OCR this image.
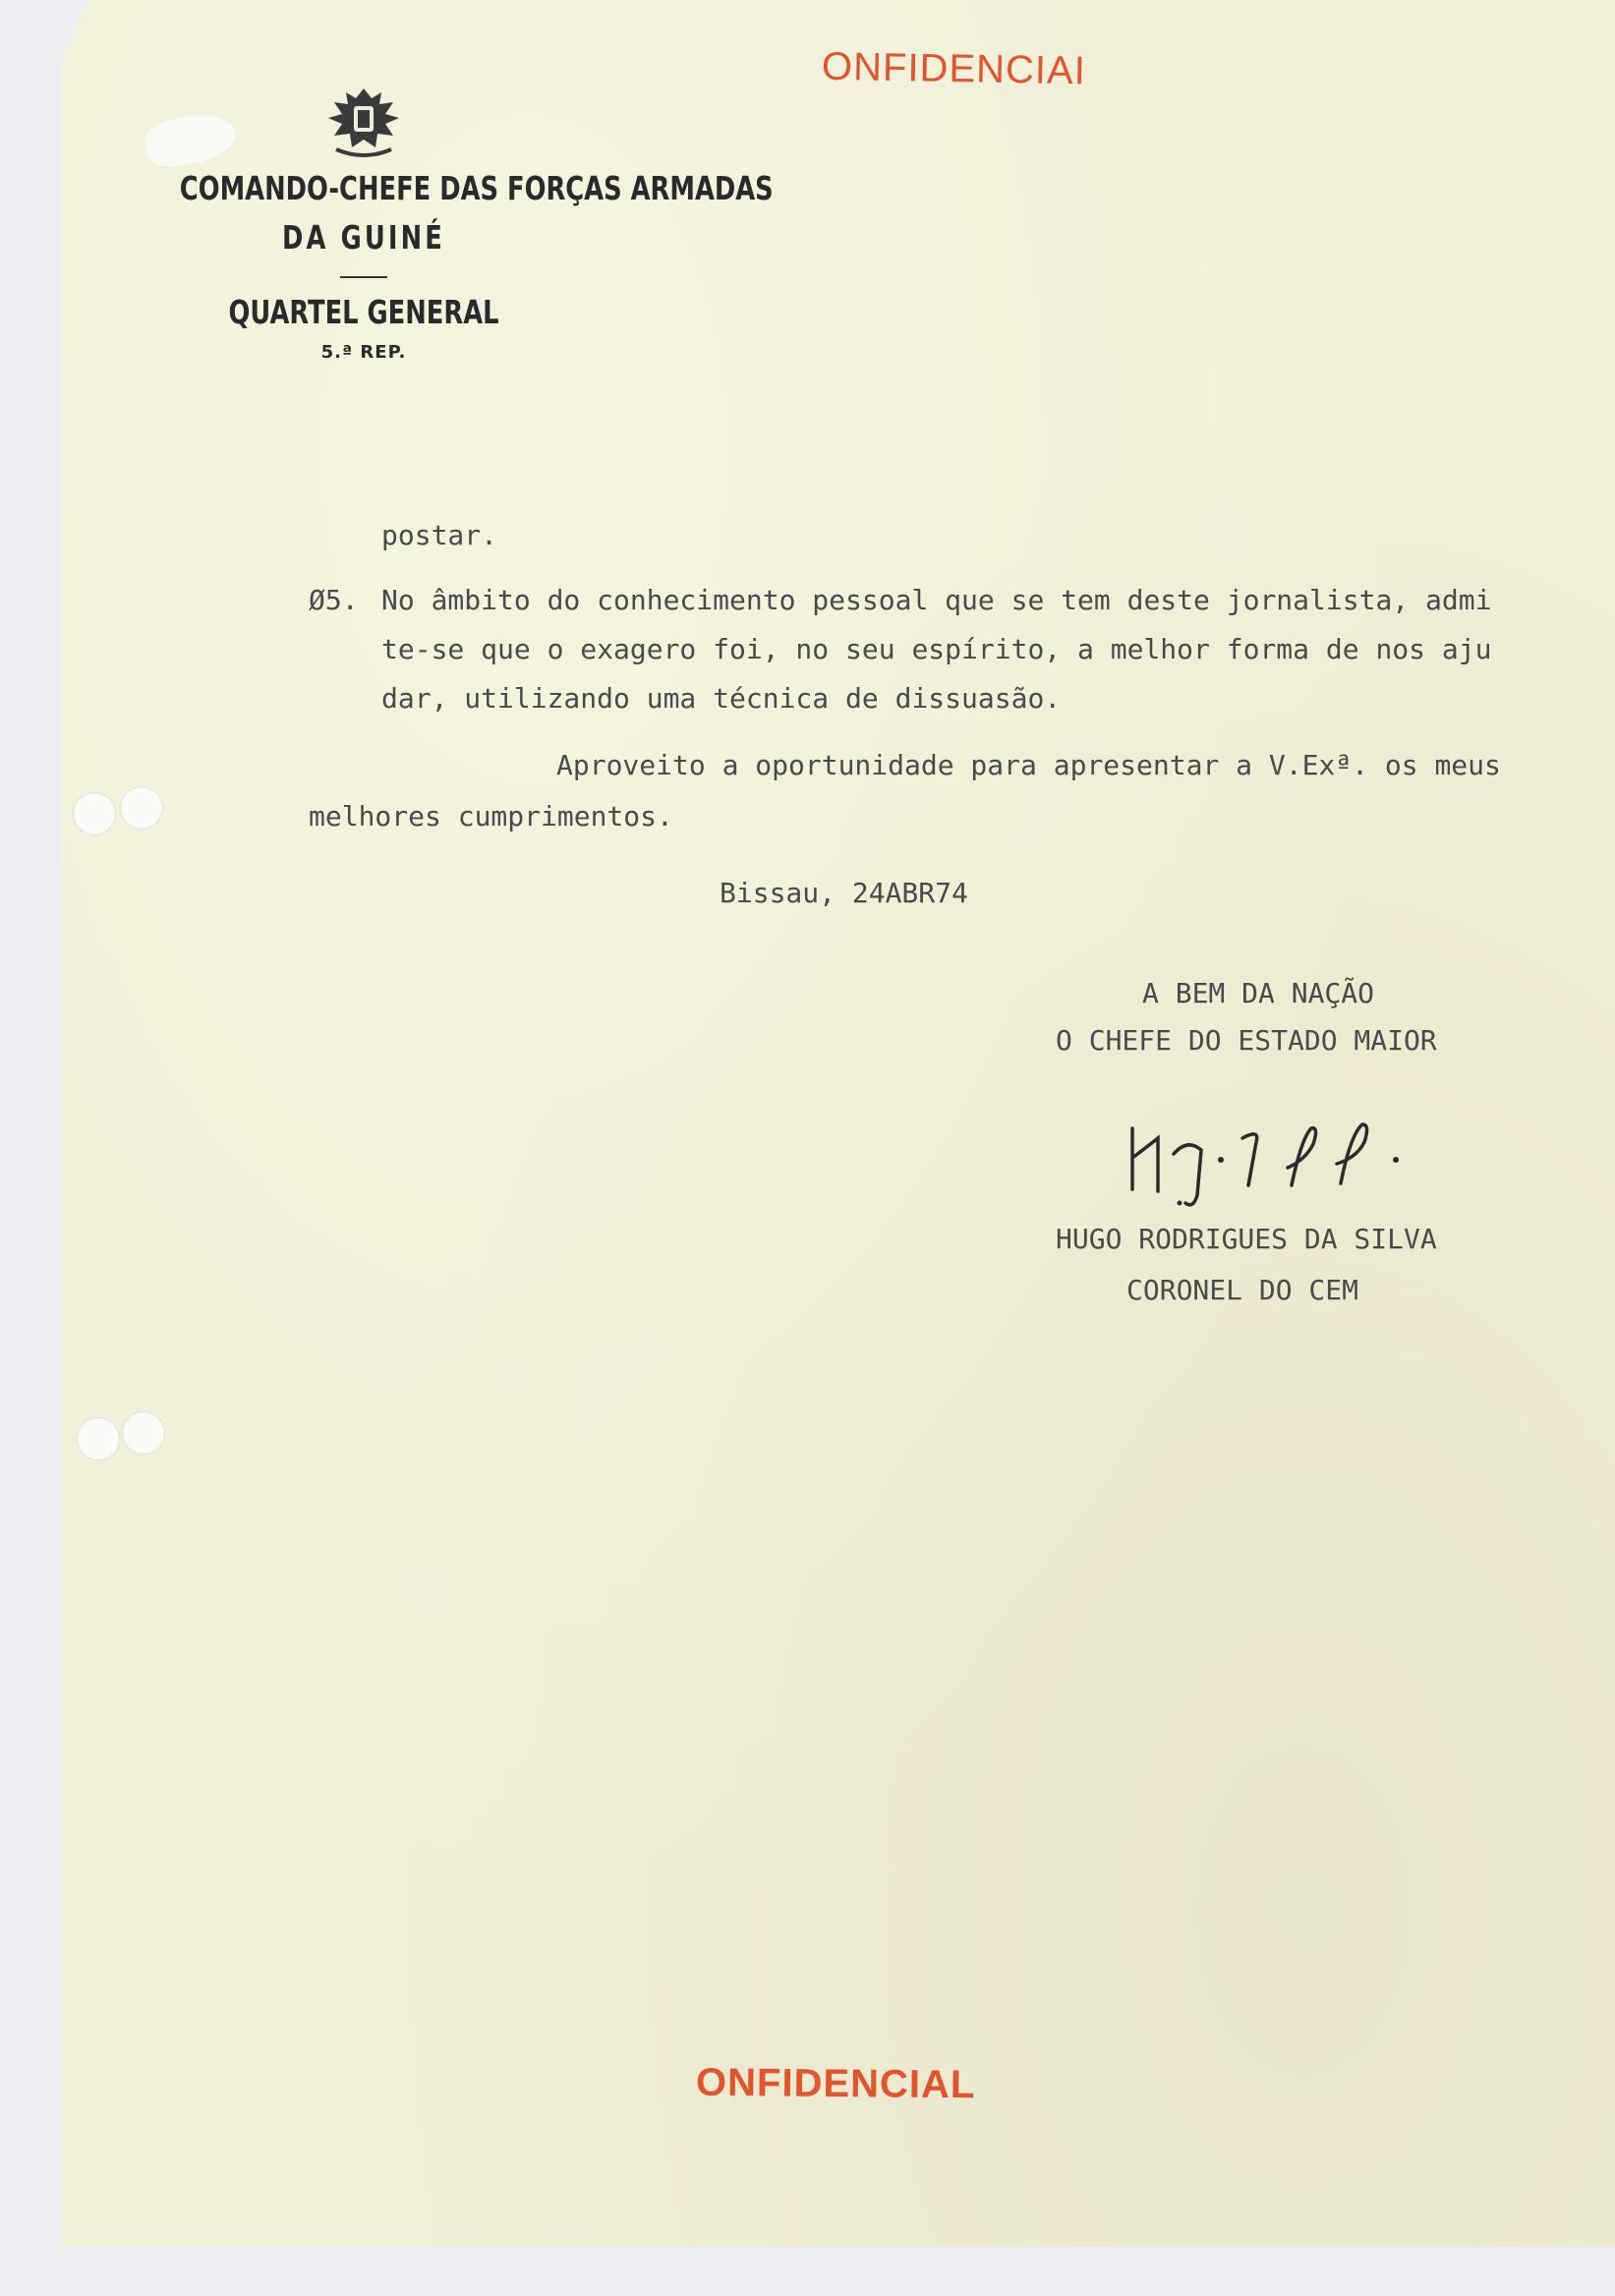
ONFIDENCIAI
COMANDO-CHEFE DAS FORÇAS ARMADAS
DA GUINÉ
QUARTEL GENERAL
5.ª REP.
postar.
Ø5. No âmbito do conhecimento pessoal que se tem deste jornalista, admi
te-se que o exagero foi, no seu espírito, a melhor forma de nos aju
dar, utilizando uma técnica de dissuasão.
Aproveito a oportunidade para apresentar a V.Exª. os meus
melhores cumprimentos.
Bissau, 24ABR74
A BEM DA NAÇÃO
O CHEFE DO ESTADO MAIOR
HUGO RODRIGUES DA SILVA
CORONEL DO CEM
ONFIDENCIAL
